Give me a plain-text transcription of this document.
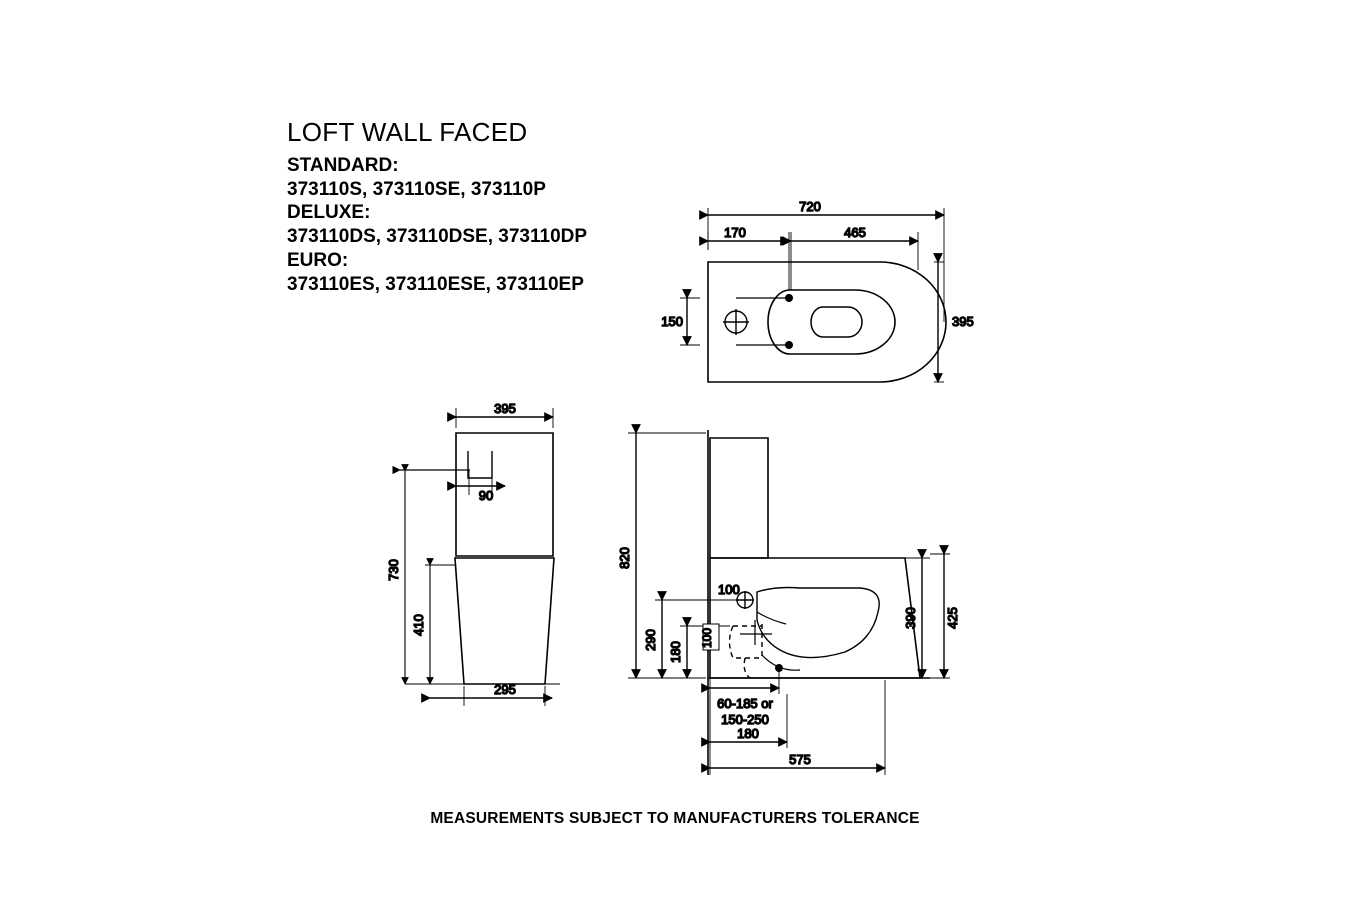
LOFT WALL FACED
STANDARD:
373110S, 373110SE, 373110P
DELUXE:
373110DS, 373110DSE, 373110DP
EURO:
373110ES, 373110ESE, 373110EP
720
170	465
150	395
395
90
730
410
295
100
820
290
180
100
390 425
60-185 or
150-250
180
575
MEASUREMENTS SUBJECT TO MANUFACTURERS TOLERANCE
